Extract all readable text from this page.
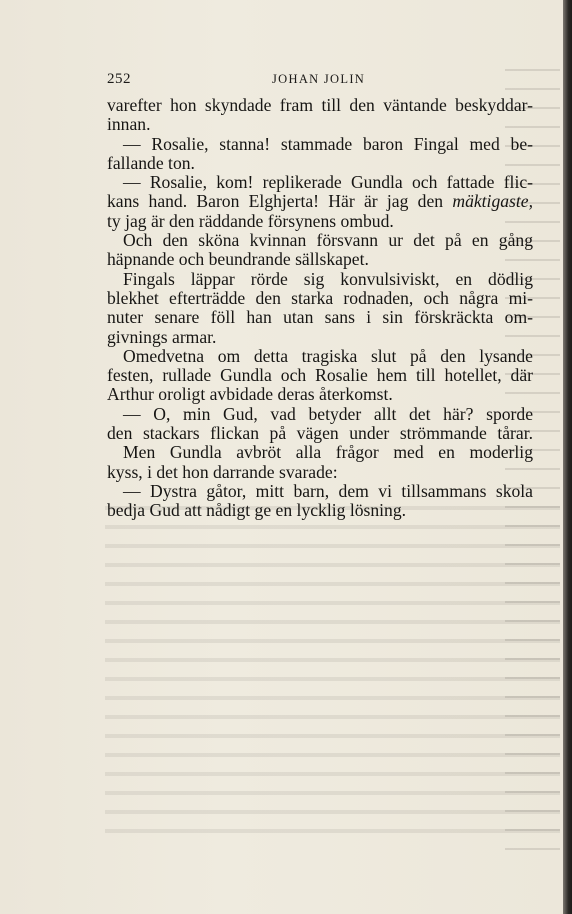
252	JOHAN JOLIN
varefter hon skyndade fram till den väntande beskyddar-
innan.
— Rosalie, stanna! stammade baron Fingal med be-
fallande ton.
— Rosalie, kom! replikerade Gundla och fattade flic-
kans hand. Baron Elghjerta! Här är jag den mäktigaste,
ty jag är den räddande försynens ombud.
Och den sköna kvinnan försvann ur det på en gång
häpnande och beundrande sällskapet.
Fingals läppar rörde sig konvulsiviskt, en dödlig
blekhet efterträdde den starka rodnaden, och några mi-
nuter senare föll han utan sans i sin förskräckta om-
givnings armar.
Omedvetna om detta tragiska slut på den lysande
festen, rullade Gundla och Rosalie hem till hotellet, där
Arthur oroligt avbidade deras återkomst.
— O, min Gud, vad betyder allt det här? sporde
den stackars flickan på vägen under strömmande tårar.
Men Gundla avbröt alla frågor med en moderlig
kyss, i det hon darrande svarade:
— Dystra gåtor, mitt barn, dem vi tillsammans skola
bedja Gud att nådigt ge en lycklig lösning.
